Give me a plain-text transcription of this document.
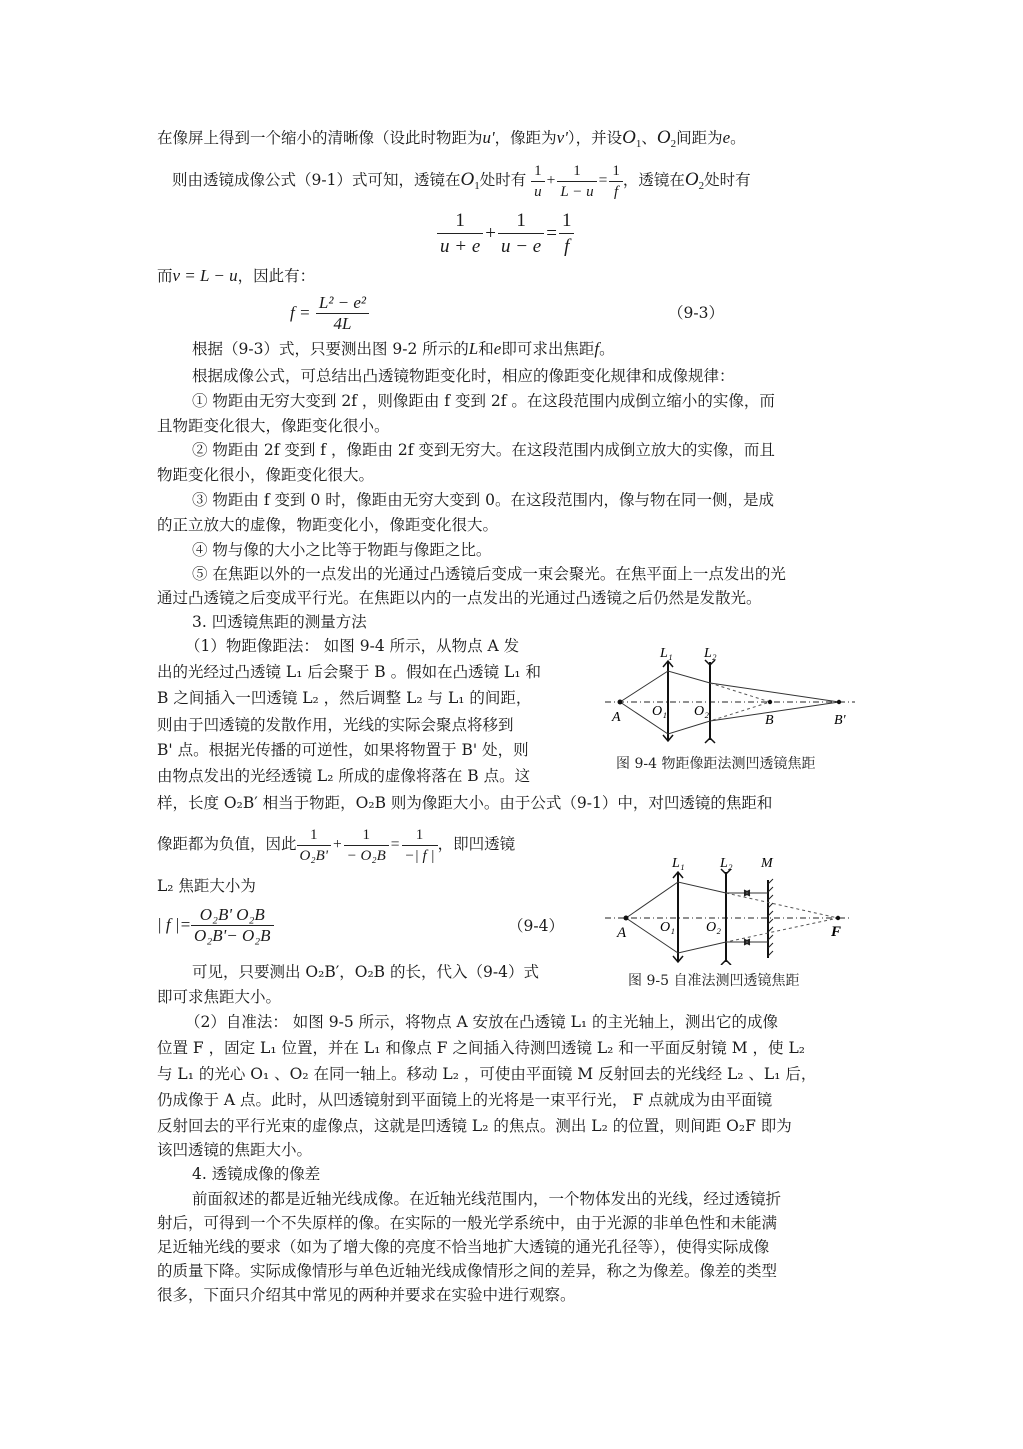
在像屏上得到一个缩小的清晰像（设此时物距为u'，像距为v'），并设$O_1$、$O_2$间距为e。
则由透镜成像公式（9-1）式可知，透镜在$O_1$处时有 $\frac{1}{u} + \frac{1}{L - u} = \frac{1}{f}$ ，透镜在$O_2$处时有
$\frac{1}{u + e} + \frac{1}{u - e} = \frac{1}{f}$
而v = L − u，因此有：
$f = \frac{\text{L² − e²}}{4L}$	（9-3）
根据（9-3）式，只要测出图 9-2 所示的L和e即可求出焦距f。
根据成像公式，可总结出凸透镜物距变化时，相应的像距变化规律和成像规律：
① 物距由无穷大变到 2f ，则像距由 f 变到 2f 。在这段范围内成倒立缩小的实像，而
且物距变化很大，像距变化很小。
② 物距由 2f 变到 f ，像距由 2f 变到无穷大。在这段范围内成倒立放大的实像，而且
物距变化很小，像距变化很大。
③ 物距由 f 变到 0 时，像距由无穷大变到 0。在这段范围内，像与物在同一侧，是成
的正立放大的虚像，物距变化小，像距变化很大。
④ 物与像的大小之比等于物距与像距之比。
⑤ 在焦距以外的一点发出的光通过凸透镜后变成一束会聚光。在焦平面上一点发出的光
通过凸透镜之后变成平行光。在焦距以内的一点发出的光通过凸透镜之后仍然是发散光。
3. 凹透镜焦距的测量方法
（1）物距像距法： 如图 9-4 所示，从物点 A 发
出的光经过凸透镜 L₁ 后会聚于 B 。假如在凸透镜 L₁ 和
B 之间插入一凹透镜 L₂ ，然后调整 L₂ 与 L₁ 的间距，
则由于凹透镜的发散作用，光线的实际会聚点将移到
B' 点。根据光传播的可逆性，如果将物置于 B' 处，则
由物点发出的光经透镜 L₂ 所成的虚像将落在 B 点。这
样，长度 O₂B′ 相当于物距，O₂B 则为像距大小。由于公式（9-1）中，对凹透镜的焦距和
L₁ L₂
A O₁ O₂
B	B'
图 9-4 物距像距法测凹透镜焦距
像距都为负值，因此 $\frac{1}{\text{O₂B'}} + \frac{1}{\text{− O₂B}} = \frac{1}{-| f |}$ ，即凹透镜
L₂ 焦距大小为
| f |= $\frac{\text{O₂B' O₂B}}{\text{O₂B'− O₂B}}$	（9-4）
可见，只要测出 O₂B′，O₂B 的长，代入（9-4）式
即可求焦距大小。
L₁	L₂ M
A O₁ O₂	F
图 9-5 自准法测凹透镜焦距
（2）自准法： 如图 9-5 所示，将物点 A 安放在凸透镜 L₁ 的主光轴上，测出它的成像
位置 F ，固定 L₁ 位置，并在 L₁ 和像点 F 之间插入待测凹透镜 L₂ 和一平面反射镜 M ，使 L₂
与 L₁ 的光心 O₁ 、O₂ 在同一轴上。移动 L₂ ，可使由平面镜 M 反射回去的光线经 L₂ 、L₁ 后，
仍成像于 A 点。此时，从凹透镜射到平面镜上的光将是一束平行光， F 点就成为由平面镜
反射回去的平行光束的虚像点，这就是凹透镜 L₂ 的焦点。测出 L₂ 的位置，则间距 O₂F 即为
该凹透镜的焦距大小。
4. 透镜成像的像差
前面叙述的都是近轴光线成像。在近轴光线范围内，一个物体发出的光线，经过透镜折
射后，可得到一个不失原样的像。在实际的一般光学系统中，由于光源的非单色性和未能满
足近轴光线的要求（如为了增大像的亮度不恰当地扩大透镜的通光孔径等），使得实际成像
的质量下降。实际成像情形与单色近轴光线成像情形之间的差异，称之为像差。像差的类型
很多，下面只介绍其中常见的两种并要求在实验中进行观察。
